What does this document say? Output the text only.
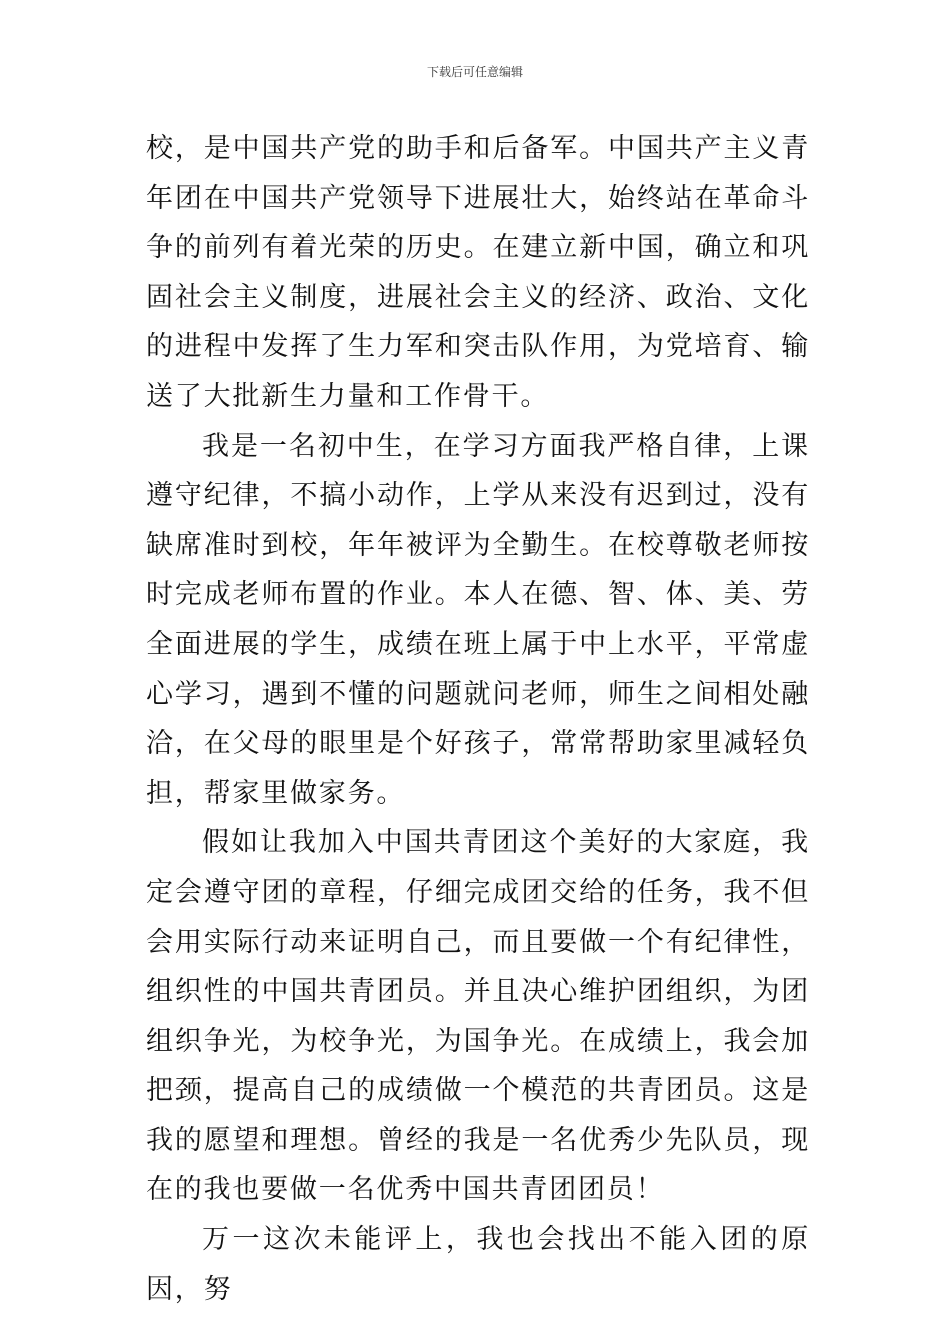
下载后可任意编辑

校，是中国共产党的助手和后备军。中国共产主义青年团在中国共产党领导下进展壮大，始终站在革命斗争的前列有着光荣的历史。在建立新中国，确立和巩固社会主义制度，进展社会主义的经济、政治、文化的进程中发挥了生力军和突击队作用，为党培育、输送了大批新生力量和工作骨干。

我是一名初中生，在学习方面我严格自律，上课遵守纪律，不搞小动作，上学从来没有迟到过，没有缺席准时到校，年年被评为全勤生。在校尊敬老师按时完成老师布置的作业。本人在德、智、体、美、劳全面进展的学生，成绩在班上属于中上水平，平常虚心学习，遇到不懂的问题就问老师，师生之间相处融洽，在父母的眼里是个好孩子，常常帮助家里减轻负担，帮家里做家务。

假如让我加入中国共青团这个美好的大家庭，我定会遵守团的章程，仔细完成团交给的任务，我不但会用实际行动来证明自己，而且要做一个有纪律性，组织性的中国共青团员。并且决心维护团组织，为团组织争光，为校争光，为国争光。在成绩上，我会加把颈，提高自己的成绩做一个模范的共青团员。这是我的愿望和理想。曾经的我是一名优秀少先队员，现在的我也要做一名优秀中国共青团团员！

万一这次未能评上，我也会找出不能入团的原因，努
